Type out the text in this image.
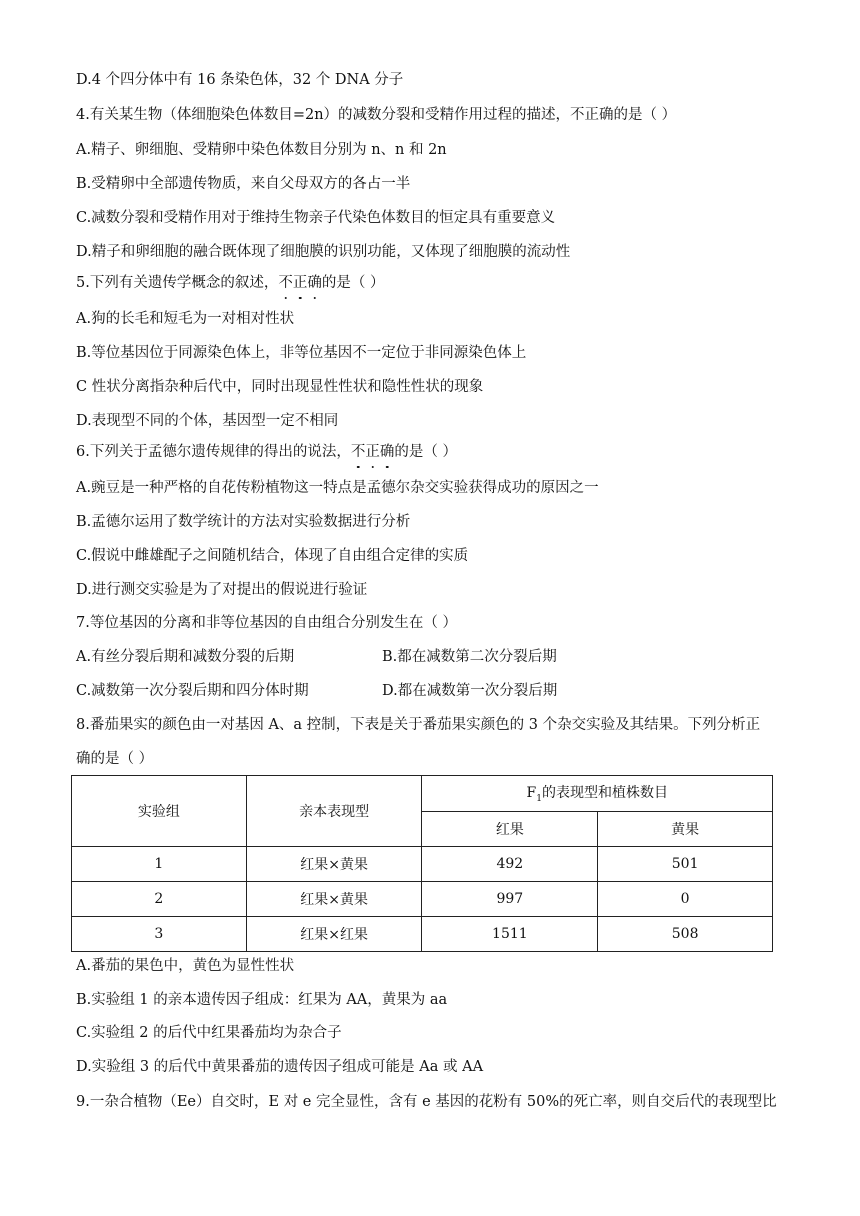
D.4 个四分体中有 16 条染色体，32 个 DNA 分子
4.有关某生物（体细胞染色体数目=2n）的减数分裂和受精作用过程的描述，不正确的是（ ）
A.精子、卵细胞、受精卵中染色体数目分别为 n、n 和 2n
B.受精卵中全部遗传物质，来自父母双方的各占一半
C.减数分裂和受精作用对于维持生物亲子代染色体数目的恒定具有重要意义
D.精子和卵细胞的融合既体现了细胞膜的识别功能，又体现了细胞膜的流动性
5.下列有关遗传学概念的叙述，不正确的是（ ）
A.狗的长毛和短毛为一对相对性状
B.等位基因位于同源染色体上，非等位基因不一定位于非同源染色体上
C 性状分离指杂种后代中，同时出现显性性状和隐性性状的现象
D.表现型不同的个体，基因型一定不相同
6.下列关于孟德尔遗传规律的得出的说法，不正确的是（ ）
A.豌豆是一种严格的自花传粉植物这一特点是孟德尔杂交实验获得成功的原因之一
B.孟德尔运用了数学统计的方法对实验数据进行分析
C.假说中雌雄配子之间随机结合，体现了自由组合定律的实质
D.进行测交实验是为了对提出的假说进行验证
7.等位基因的分离和非等位基因的自由组合分别发生在（ ）
A.有丝分裂后期和减数分裂的后期	B.都在减数第二次分裂后期
C.减数第一次分裂后期和四分体时期	D.都在减数第一次分裂后期
8.番茄果实的颜色由一对基因 A、a 控制，下表是关于番茄果实颜色的 3 个杂交实验及其结果。下列分析正
确的是（ ）
实验组	亲本表现型	$F_1$的表现型和植株数目	
		红果	黄果
1	红果×黄果	492	501
2	红果×黄果	997	0
3	红果×红果	1511	508
A.番茄的果色中，黄色为显性性状
B.实验组 1 的亲本遗传因子组成：红果为 AA，黄果为 aa
C.实验组 2 的后代中红果番茄均为杂合子
D.实验组 3 的后代中黄果番茄的遗传因子组成可能是 Aa 或 AA
9.一杂合植物（Ee）自交时，E 对 e 完全显性，含有 e 基因的花粉有 50%的死亡率，则自交后代的表现型比
